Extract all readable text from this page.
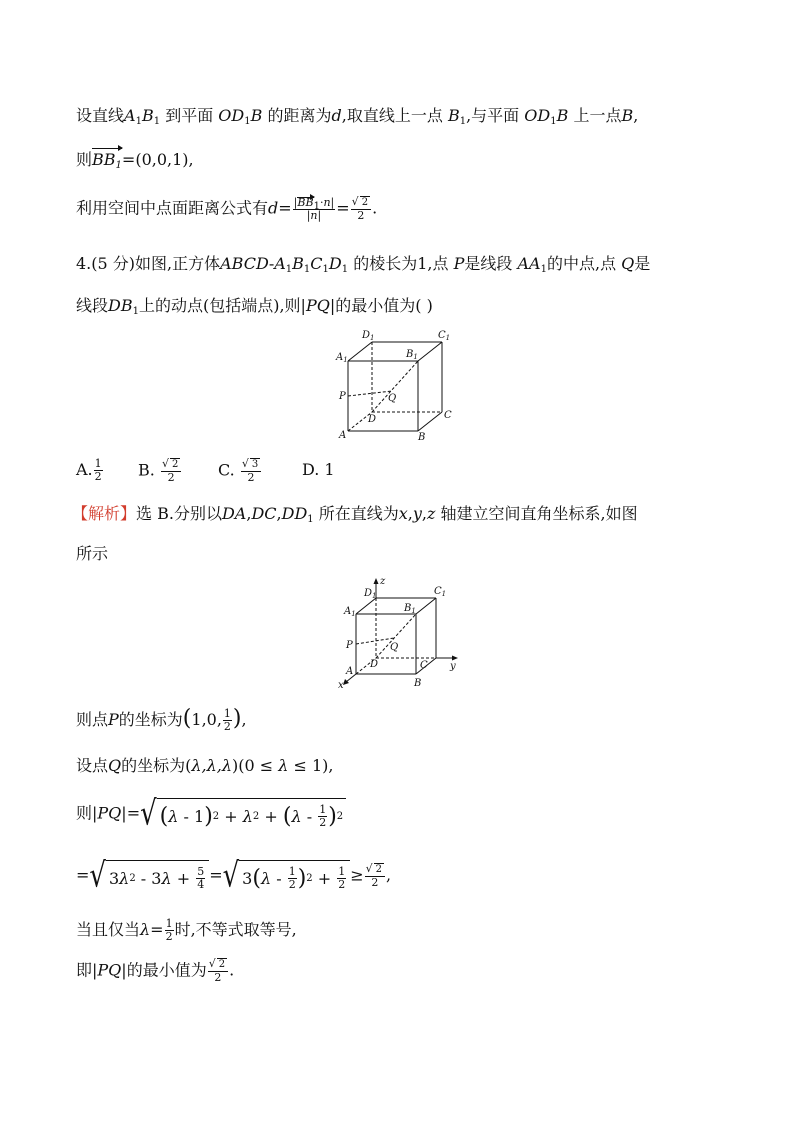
设直线$A_1B_1$ 到平面 $OD_1B$ 的距离为d,取直线上一点 $B_1$,与平面 $OD_1B$ 上一点B,
则$BB_1=(0,0,1)$,
利用空间中点面距离公式有$d= \frac{|BB_1\cdot n|}{|n|} = \frac{√ 2}{2}$ .
4.(5 分)如图,正方体ABCD-$A_1B_1C_1D_1$ 的棱长为1,点 P是线段 $AA_1$的中点,点 Q是
线段$DB_1$上的动点(包括端点),则|PQ|的最小值为( )
$D_1$	$C_1$
$A_1$	$B_1$
P	Q
D	C
A	B
A. $\frac{1}{2} B$. $\frac{√ 2}{2} C$. $\frac{√ 3}{2}$	D. 1
【解析】选 B.分别以$DA,DC,DD_1$ 所在直线为x,y,z 轴建立空间直角坐标系,如图
所示
z
y
x
$D_1$	$C_1$
$A_1$	$B_1$
P	Q
D	C
A
B
则点P的坐标为(1,0, $\frac{1}{2}$ ),
设点Q的坐标为(λ,λ,λ)(0 ≤ λ ≤ 1),
则|PQ|= √ ( λ
-
1 ) 2
+
λ 2
+
( λ
-
$\frac{1}{2}$ ) 2
= √ 3 λ 2
- 3 λ
+
$\frac{5}{4}$ = √ 3 ( λ
-
$\frac{1}{2}$ ) 2
+
$\frac{1}{2} \ge \frac{√ 2}{2}$ ,
当且仅当$\lambda= \frac{1}{2}$ 时,不等式取等号,
即|PQ|的最小值为 $\frac{√ 2}{2}$ .
